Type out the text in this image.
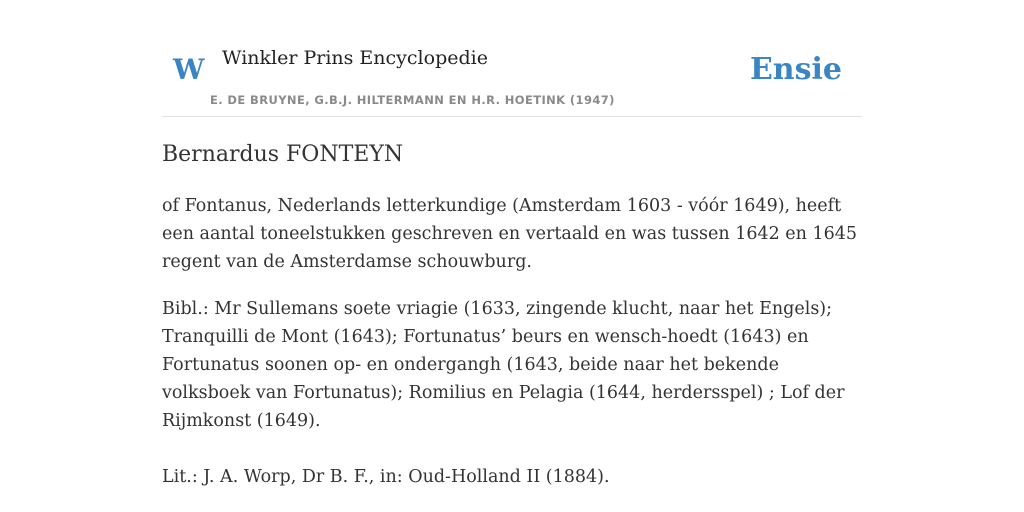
W Winkler Prins Encyclopedie
E. DE BRUYNE, G.B.J. HILTERMANN EN H.R. HOETINK (1947)
Ensie
Bernardus FONTEYN

of Fontanus, Nederlands letterkundige (Amsterdam 1603 - vóór 1649), heeft een aantal toneelstukken geschreven en vertaald en was tussen 1642 en 1645 regent van de Amsterdamse schouwburg.

Bibl.: Mr Sullemans soete vriagie (1633, zingende klucht, naar het Engels); Tranquilli de Mont (1643); Fortunatus’ beurs en wensch-hoedt (1643) en Fortunatus soonen op- en ondergangh (1643, beide naar het bekende volksboek van Fortunatus); Romilius en Pelagia (1644, herdersspel) ; Lof der Rijmkonst (1649).

Lit.: J. A. Worp, Dr B. F., in: Oud-Holland II (1884).
